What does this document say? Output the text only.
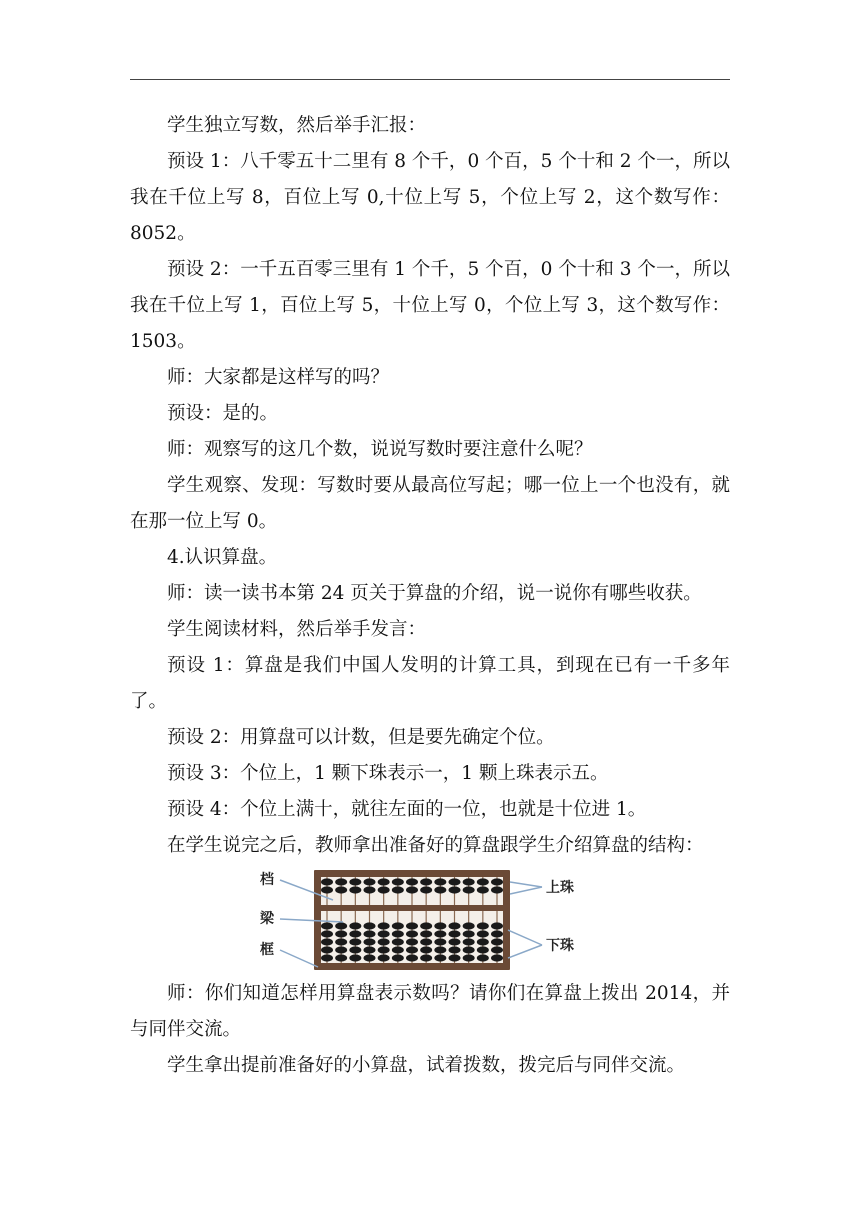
学生独立写数，然后举手汇报：

预设 1：八千零五十二里有 8 个千，0 个百，5 个十和 2 个一，所以我在千位上写 8，百位上写 0,十位上写 5，个位上写 2，这个数写作：8052。

预设 2：一千五百零三里有 1 个千，5 个百，0 个十和 3 个一，所以我在千位上写 1，百位上写 5，十位上写 0，个位上写 3，这个数写作：1503。

师：大家都是这样写的吗？

预设：是的。

师：观察写的这几个数，说说写数时要注意什么呢？

学生观察、发现：写数时要从最高位写起；哪一位上一个也没有，就在那一位上写 0。

4.认识算盘。

师：读一读书本第 24 页关于算盘的介绍，说一说你有哪些收获。

学生阅读材料，然后举手发言：

预设 1：算盘是我们中国人发明的计算工具，到现在已有一千多年了。

预设 2：用算盘可以计数，但是要先确定个位。

预设 3：个位上，1 颗下珠表示一，1 颗上珠表示五。

预设 4：个位上满十，就往左面的一位，也就是十位进 1。

在学生说完之后，教师拿出准备好的算盘跟学生介绍算盘的结构：

档
梁
框
上珠
下珠

师：你们知道怎样用算盘表示数吗？请你们在算盘上拨出 2014，并与同伴交流。

学生拿出提前准备好的小算盘，试着拨数，拨完后与同伴交流。
